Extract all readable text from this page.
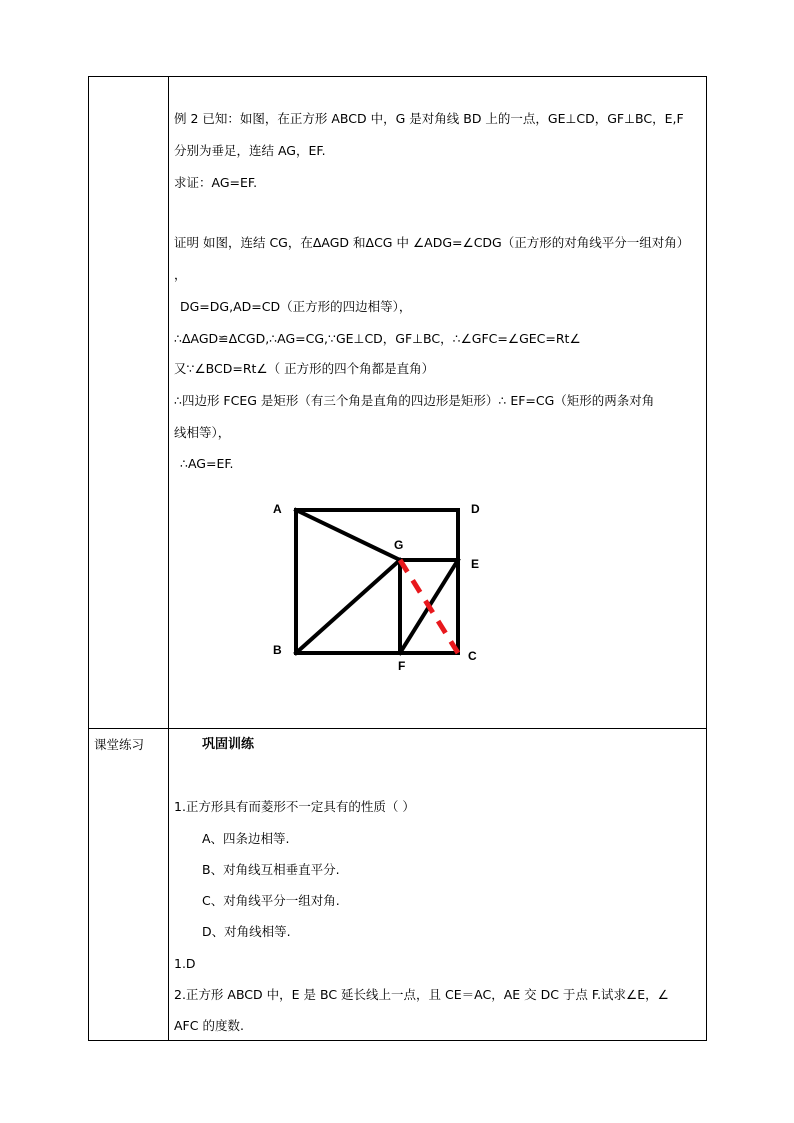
例 2 已知：如图，在正方形 ABCD 中，G 是对角线 BD 上的一点，GE⊥CD，GF⊥BC，E,F
分别为垂足，连结 AG，EF.
求证：AG=EF.
证明 如图，连结 CG，在ΔAGD 和ΔCG 中 ∠ADG=∠CDG（正方形的对角线平分一组对角）
，
DG=DG,AD=CD（正方形的四边相等），
∴ΔAGD≌ΔCGD,∴AG=CG,∵GE⊥CD，GF⊥BC，∴∠GFC=∠GEC=Rt∠
又∵∠BCD=Rt∠（ 正方形的四个角都是直角）
∴四边形 FCEG 是矩形（有三个角是直角的四边形是矩形）∴ EF=CG（矩形的两条对角
线相等），
∴AG=EF.
A	D
G
E
B
F
C
课堂练习	巩固训练
1.正方形具有而菱形不一定具有的性质（ ）
A、四条边相等.
B、对角线互相垂直平分.
C、对角线平分一组对角.
D、对角线相等.
1.D
2.正方形 ABCD 中，E 是 BC 延长线上一点，且 CE＝AC，AE 交 DC 于点 F.试求∠E，∠
AFC 的度数.
